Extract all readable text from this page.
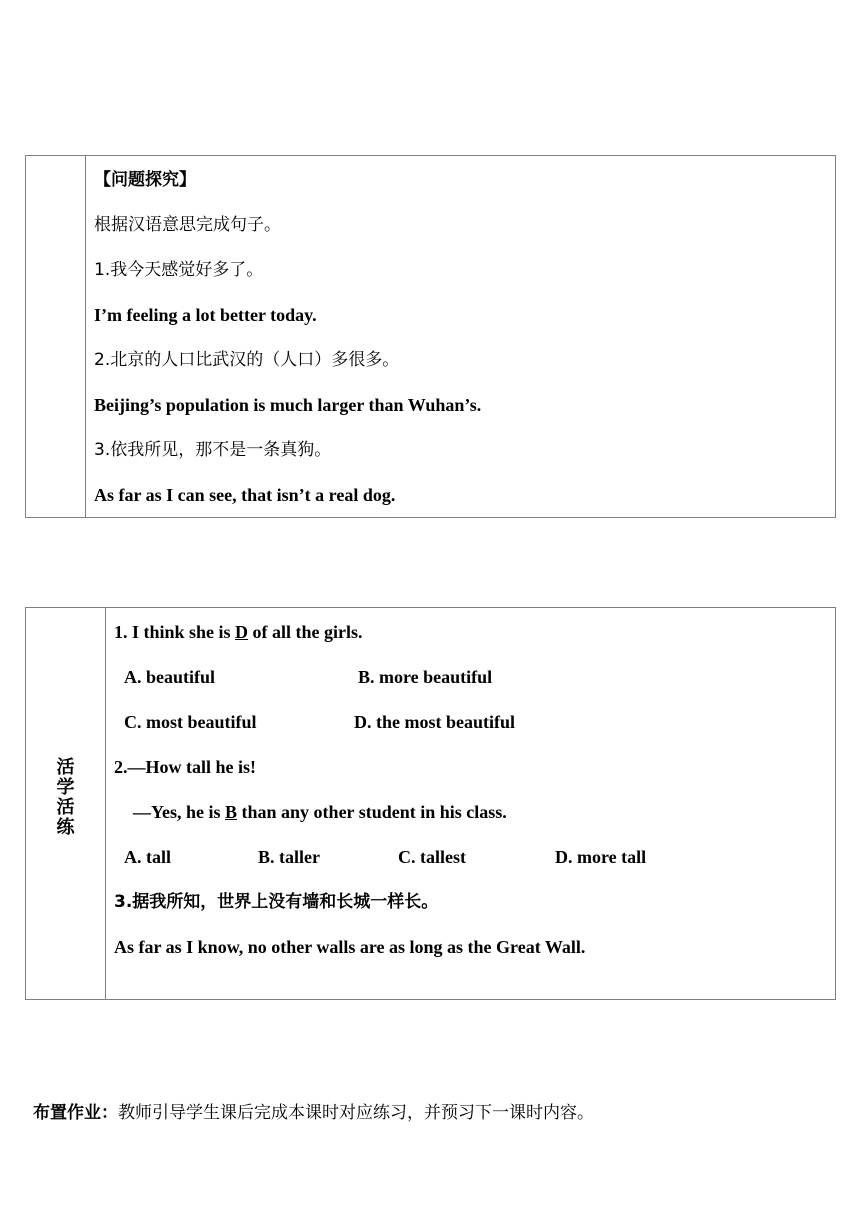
【问题探究】
根据汉语意思完成句子。
1.我今天感觉好多了。
I’m feeling a lot better today.
2.北京的人口比武汉的（人口）多很多。
Beijing’s population is much larger than Wuhan’s.
3.依我所见，那不是一条真狗。
As far as I can see, that isn’t a real dog.
活
学
活
练
1. I think she is D of all the girls.
A. beautiful	B. more beautiful
C. most beautiful	D. the most beautiful
2.—How tall he is!
—Yes, he is B than any other student in his class.
A. tall	B. taller	C. tallest	D. more tall
3.据我所知，世界上没有墙和长城一样长。
As far as I know, no other walls are as long as the Great Wall.
布置作业：教师引导学生课后完成本课时对应练习，并预习下一课时内容。
